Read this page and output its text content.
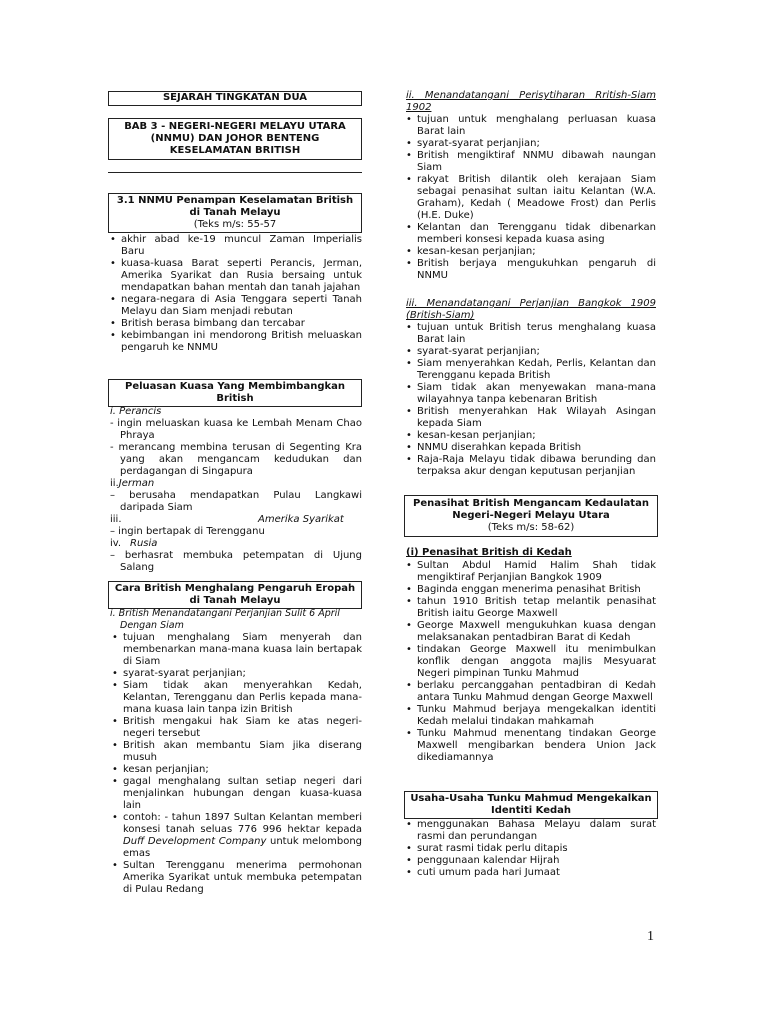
SEJARAH TINGKATAN DUA
BAB 3 - NEGERI-NEGERI MELAYU UTARA
(NNMU) DAN JOHOR BENTENG
KESELAMATAN BRITISH
3.1 NNMU Penampan Keselamatan British
di Tanah Melayu
(Teks m/s: 55-57
• akhir abad ke-19 muncul Zaman Imperialis Baru
• kuasa-kuasa Barat seperti Perancis, Jerman, Amerika Syarikat dan Rusia bersaing untuk mendapatkan bahan mentah dan tanah jajahan
• negara-negara di Asia Tenggara seperti Tanah Melayu dan Siam menjadi rebutan
• British berasa bimbang dan tercabar
• kebimbangan ini mendorong British meluaskan pengaruh ke NNMU
Peluasan Kuasa Yang Membimbangkan
British
i. Perancis
- ingin meluaskan kuasa ke Lembah Menam Chao Phraya
- merancang membina terusan di Segenting Kra yang akan mengancam kedudukan dan perdagangan di Singapura
ii.Jerman
– berusaha mendapatkan Pulau Langkawi daripada Siam
iii.	Amerika Syarikat
– ingin bertapak di Terengganu
iv. Rusia
– berhasrat membuka petempatan di Ujung Salang
Cara British Menghalang Pengaruh Eropah
di Tanah Melayu
i. British Menandatangani Perjanjian Sulit 6 April Dengan Siam
• tujuan menghalang Siam menyerah dan membenarkan mana-mana kuasa lain bertapak di Siam
• syarat-syarat perjanjian;
• Siam tidak akan menyerahkan Kedah, Kelantan, Terengganu dan Perlis kepada mana-mana kuasa lain tanpa izin British
• British mengakui hak Siam ke atas negeri-negeri tersebut
• British akan membantu Siam jika diserang musuh
• kesan perjanjian;
• gagal menghalang sultan setiap negeri dari menjalinkan hubungan dengan kuasa-kuasa lain
• contoh: - tahun 1897 Sultan Kelantan memberi konsesi tanah seluas 776 996 hektar kepada Duff Development Company untuk melombong emas
• Sultan Terengganu menerima permohonan Amerika Syarikat untuk membuka petempatan di Pulau Redang
ii. Menandatangani Perisytiharan Rritish-Siam 1902
• tujuan untuk menghalang perluasan kuasa Barat lain
• syarat-syarat perjanjian;
• British mengiktiraf NNMU dibawah naungan Siam
• rakyat British dilantik oleh kerajaan Siam sebagai penasihat sultan iaitu Kelantan (W.A. Graham), Kedah ( Meadowe Frost) dan Perlis (H.E. Duke)
• Kelantan dan Terengganu tidak dibenarkan memberi konsesi kepada kuasa asing
• kesan-kesan perjanjian;
• British berjaya mengukuhkan pengaruh di NNMU
iii. Menandatangani Perjanjian Bangkok 1909 (British-Siam)
• tujuan untuk British terus menghalang kuasa Barat lain
• syarat-syarat perjanjian;
• Siam menyerahkan Kedah, Perlis, Kelantan dan Terengganu kepada British
• Siam tidak akan menyewakan mana-mana wilayahnya tanpa kebenaran British
• British menyerahkan Hak Wilayah Asingan kepada Siam
• kesan-kesan perjanjian;
• NNMU diserahkan kepada British
• Raja-Raja Melayu tidak dibawa berunding dan terpaksa akur dengan keputusan perjanjian
Penasihat British Mengancam Kedaulatan
Negeri-Negeri Melayu Utara
(Teks m/s: 58-62)
(i) Penasihat British di Kedah
• Sultan Abdul Hamid Halim Shah tidak mengiktiraf Perjanjian Bangkok 1909
• Baginda enggan menerima penasihat British
• tahun 1910 British tetap melantik penasihat British iaitu George Maxwell
• George Maxwell mengukuhkan kuasa dengan melaksanakan pentadbiran Barat di Kedah
• tindakan George Maxwell itu menimbulkan konflik dengan anggota majlis Mesyuarat Negeri pimpinan Tunku Mahmud
• berlaku percanggahan pentadbiran di Kedah antara Tunku Mahmud dengan George Maxwell
• Tunku Mahmud berjaya mengekalkan identiti Kedah melalui tindakan mahkamah
• Tunku Mahmud menentang tindakan George Maxwell mengibarkan bendera Union Jack dikediamannya
Usaha-Usaha Tunku Mahmud Mengekalkan
Identiti Kedah
• menggunakan Bahasa Melayu dalam surat rasmi dan perundangan
• surat rasmi tidak perlu ditapis
• penggunaan kalendar Hijrah
• cuti umum pada hari Jumaat
1
